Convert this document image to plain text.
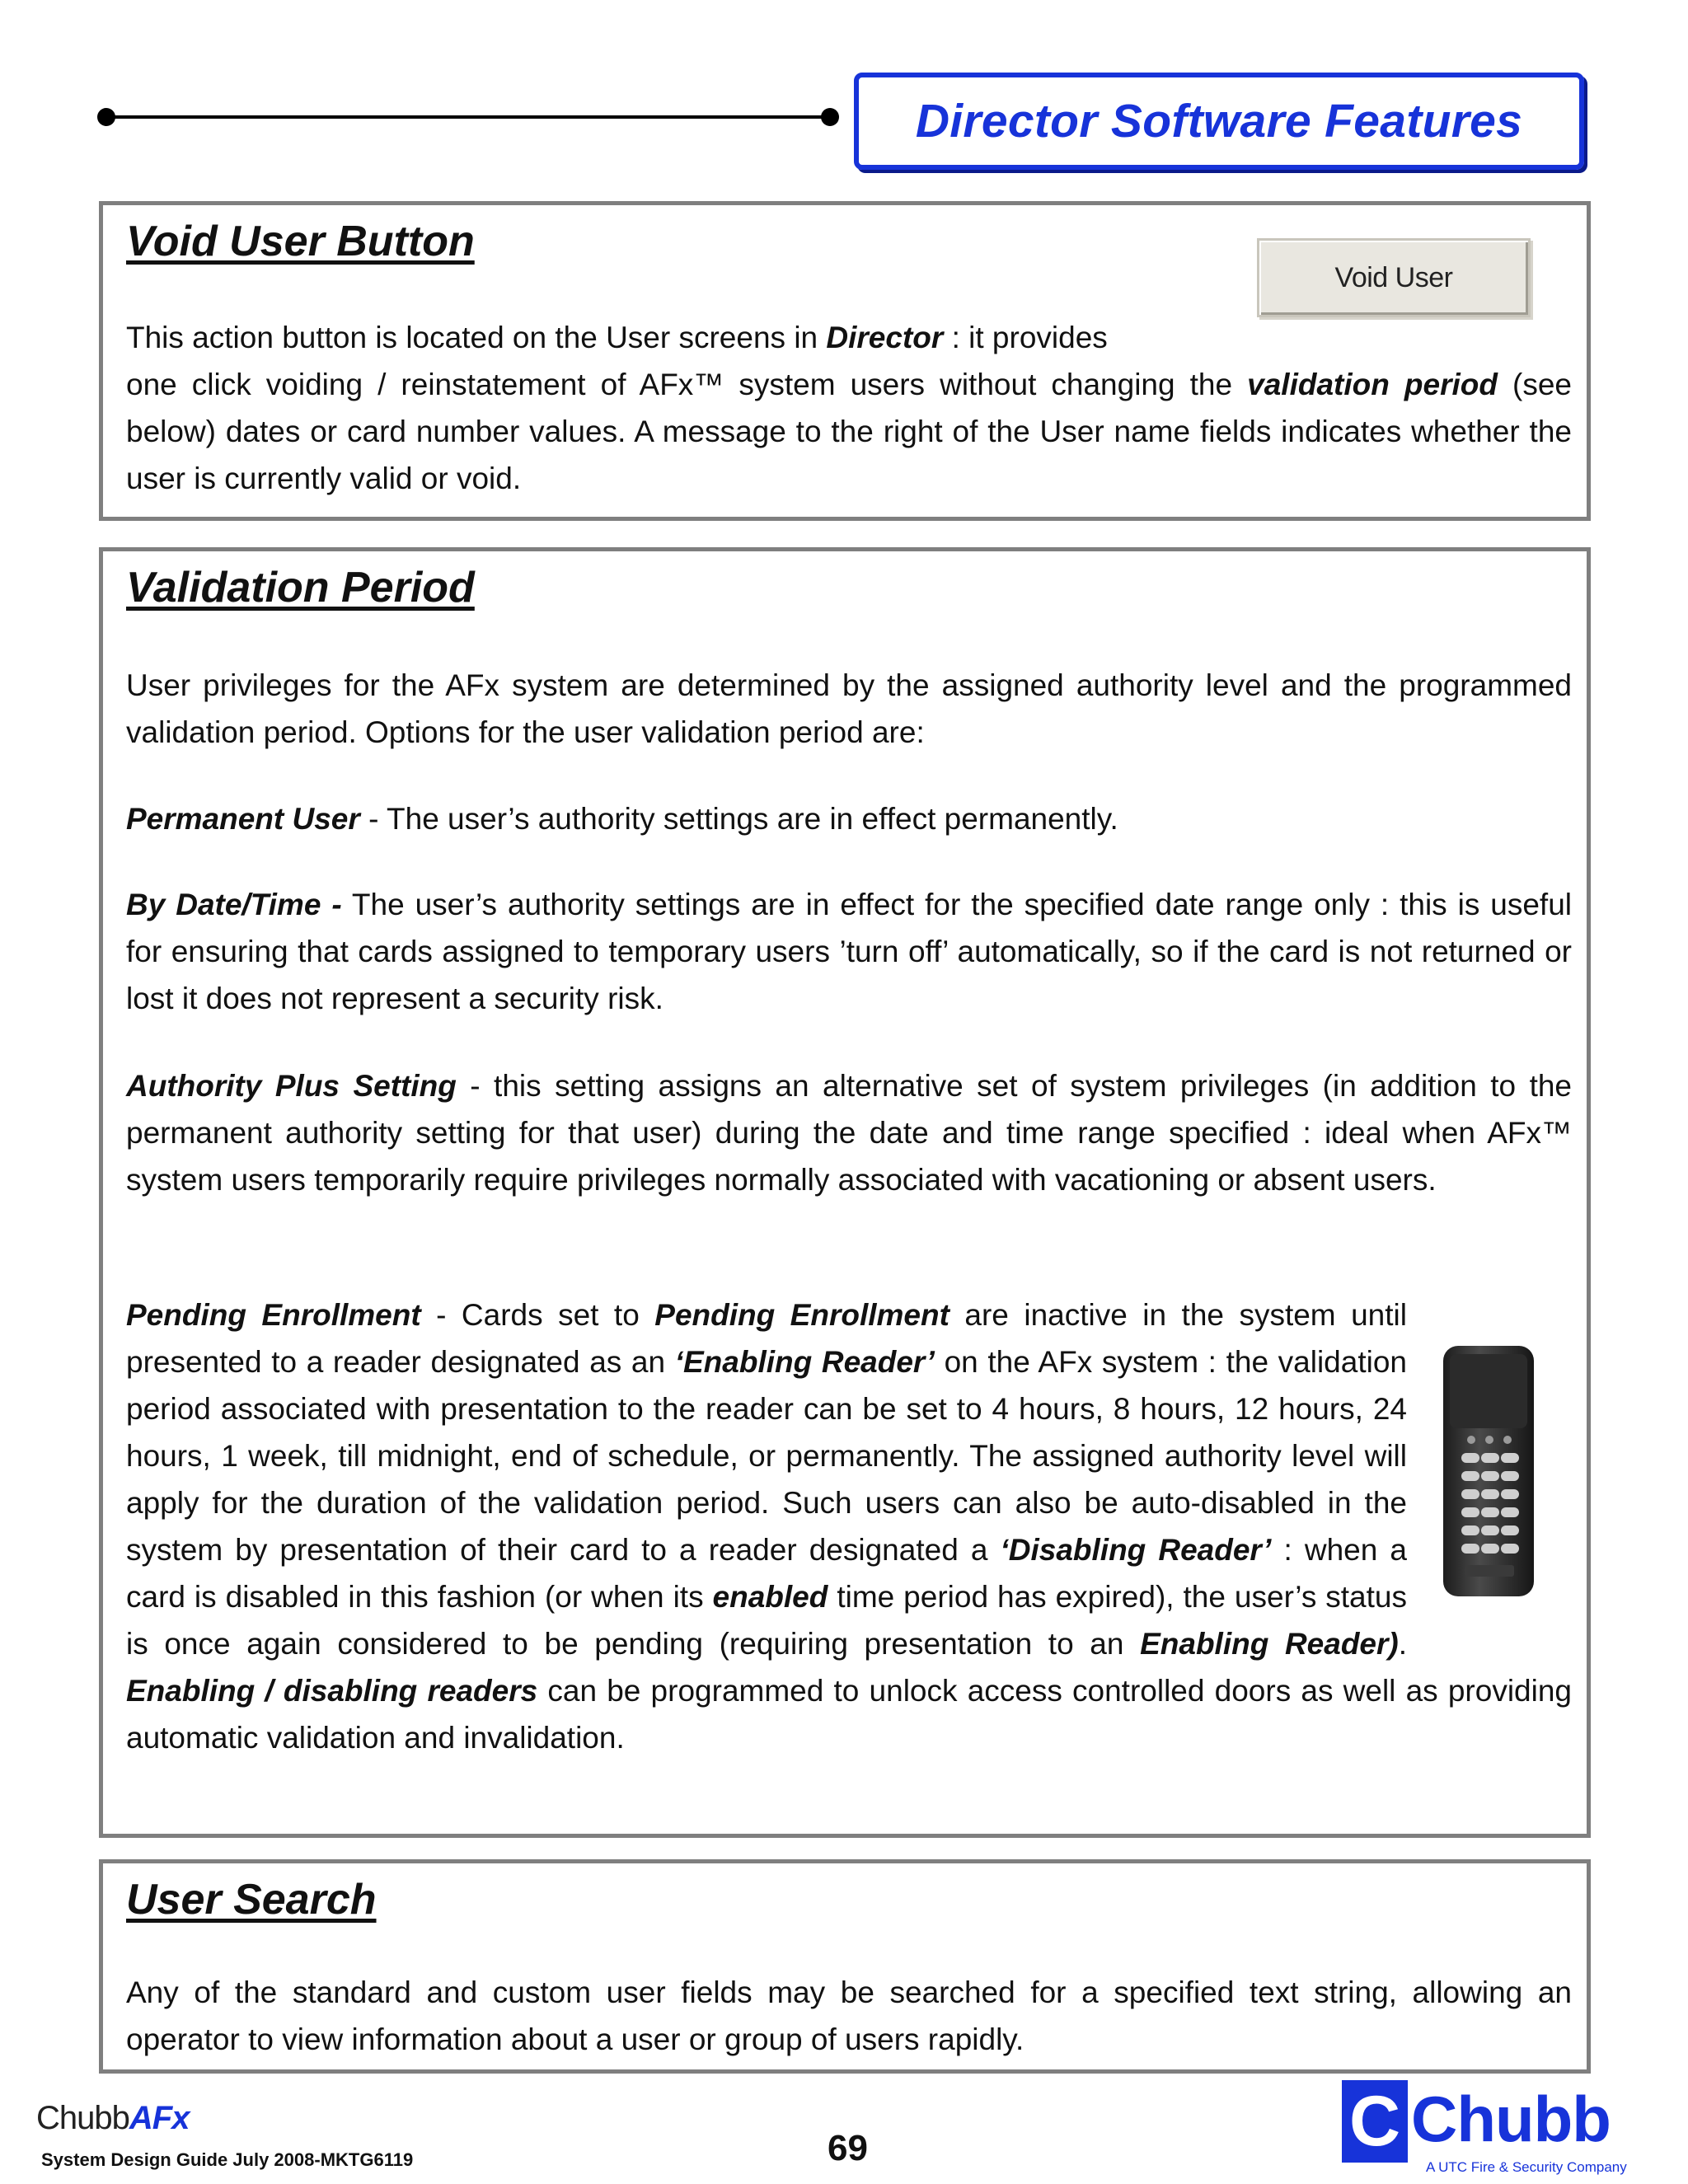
Director Software Features
Void User Button
Void User
This action button is located on the User screens in Director : it provides
one click voiding / reinstatement of AFx™ system users without changing the validation period (see below) dates or card number values. A message to the right of the User name fields indicates whether the user is currently valid or void.
Validation Period
User privileges for the AFx system are determined by the assigned authority level and the programmed validation period. Options for the user validation period are:
Permanent User - The user’s authority settings are in effect permanently.
By Date/Time - The user’s authority settings are in effect for the specified date range only : this is useful for ensuring that cards assigned to temporary users ’turn off’ automatically, so if the card is not returned or lost it does not represent a security risk.
Authority Plus Setting - this setting assigns an alternative set of system privileges (in addition to the permanent authority setting for that user) during the date and time range specified : ideal when AFx™ system users temporarily require privileges normally associated with vacationing or absent users.
Pending Enrollment - Cards set to Pending Enrollment are inactive in the system until presented to a reader designated as an ‘Enabling Reader’ on the AFx system : the validation period associated with presentation to the reader can be set to 4 hours, 8 hours, 12 hours, 24 hours, 1 week, till midnight, end of schedule, or permanently. The assigned authority level will apply for the duration of the validation period. Such users can also be auto-disabled in the system by presentation of their card to a reader designated a ‘Disabling Reader’ : when a card is disabled in this fashion (or when its enabled time period has expired), the user’s status is once again considered to be pending (requiring presentation to an Enabling Reader).
Enabling / disabling readers can be programmed to unlock access controlled doors as well as providing automatic validation and invalidation.
User Search
Any of the standard and custom user fields may be searched for a specified text string, allowing an operator to view information about a user or group of users rapidly.
ChubbAFx
System Design Guide July 2008-MKTG6119	69	C Chubb
A UTC Fire & Security Company
